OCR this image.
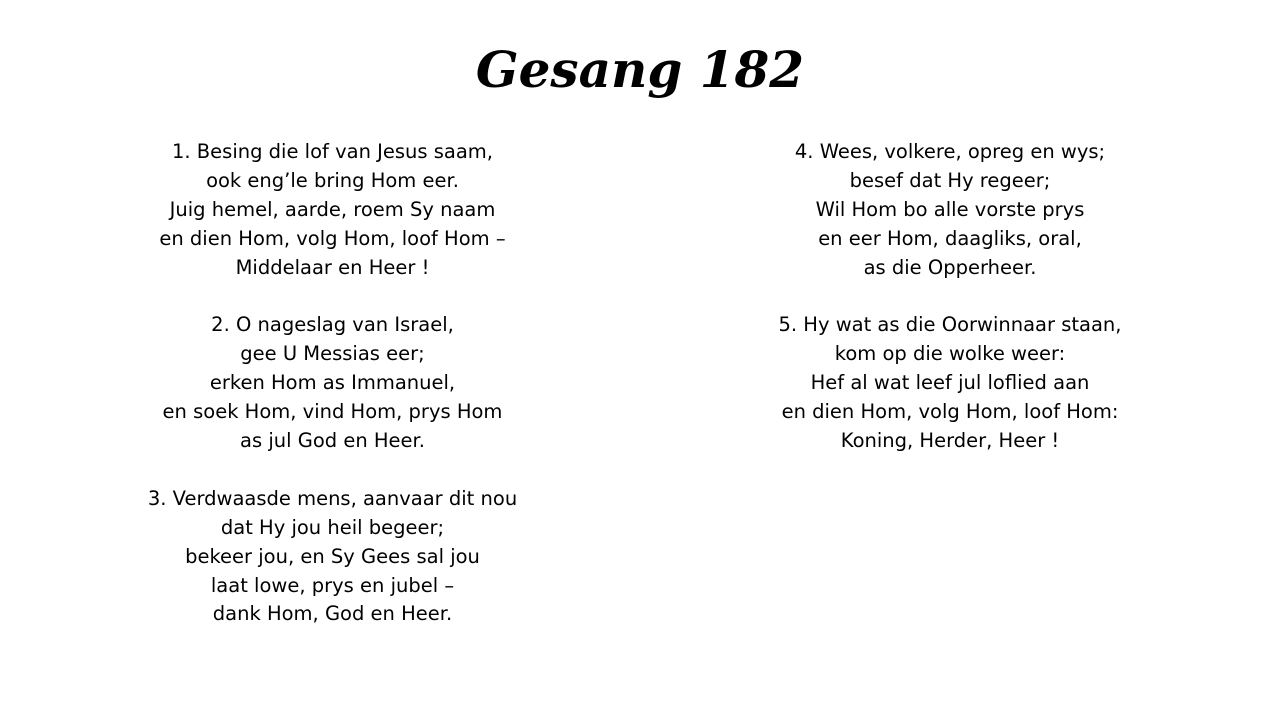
Gesang 182
1. Besing die lof van Jesus saam,
ook eng’le bring Hom eer.
Juig hemel, aarde, roem Sy naam
en dien Hom, volg Hom, loof Hom –
Middelaar en Heer !
2. O nageslag van Israel,
gee U Messias eer;
erken Hom as Immanuel,
en soek Hom, vind Hom, prys Hom
as jul God en Heer.
3. Verdwaasde mens, aanvaar dit nou
dat Hy jou heil begeer;
bekeer jou, en Sy Gees sal jou
laat lowe, prys en jubel –
dank Hom, God en Heer.
4. Wees, volkere, opreg en wys;
besef dat Hy regeer;
Wil Hom bo alle vorste prys
en eer Hom, daagliks, oral,
as die Opperheer.
5. Hy wat as die Oorwinnaar staan,
kom op die wolke weer:
Hef al wat leef jul loflied aan
en dien Hom, volg Hom, loof Hom:
Koning, Herder, Heer !
